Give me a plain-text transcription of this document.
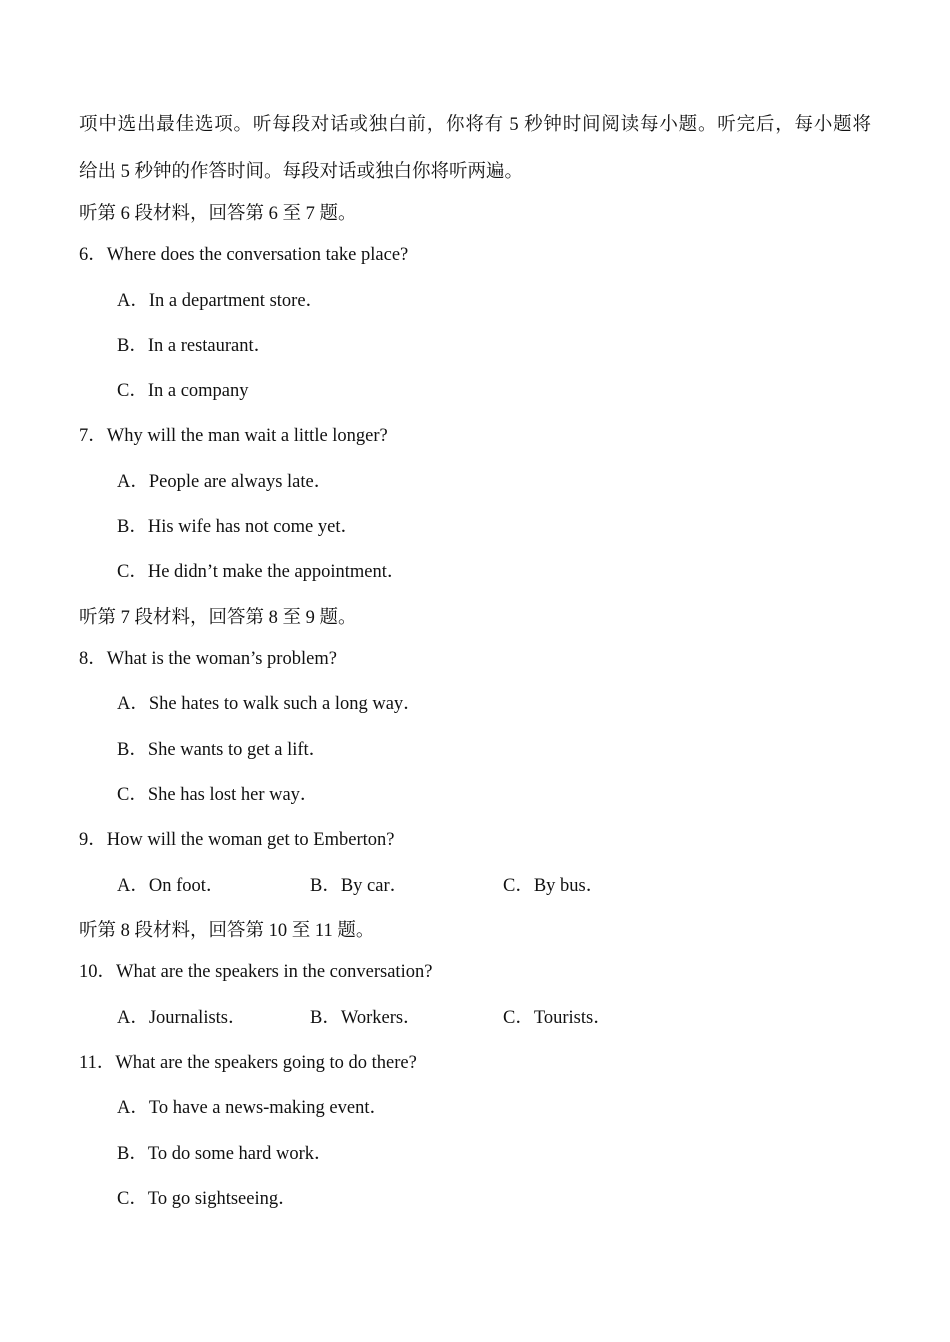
项中选出最佳选项。听每段对话或独白前，你将有 5 秒钟时间阅读每小题。听完后，每小题将
给出 5 秒钟的作答时间。每段对话或独白你将听两遍。
听第 6 段材料，回答第 6 至 7 题。
6．Where does the conversation take place?
A．In a department store．
B．In a restaurant．
C．In a company
7．Why will the man wait a little longer?
A．People are always late．
B．His wife has not come yet．
C．He didn’t make the appointment．
听第 7 段材料，回答第 8 至 9 题。
8．What is the woman’s problem?
A．She hates to walk such a long way．
B．She wants to get a lift．
C．She has lost her way．
9．How will the woman get to Emberton?
A．On foot．	B．By car．	C．By bus．
听第 8 段材料，回答第 10 至 11 题。
10．What are the speakers in the conversation?
A．Journalists．	B．Workers．	C．Tourists．
11．What are the speakers going to do there?
A．To have a news-making event．
B．To do some hard work．
C．To go sightseeing．
